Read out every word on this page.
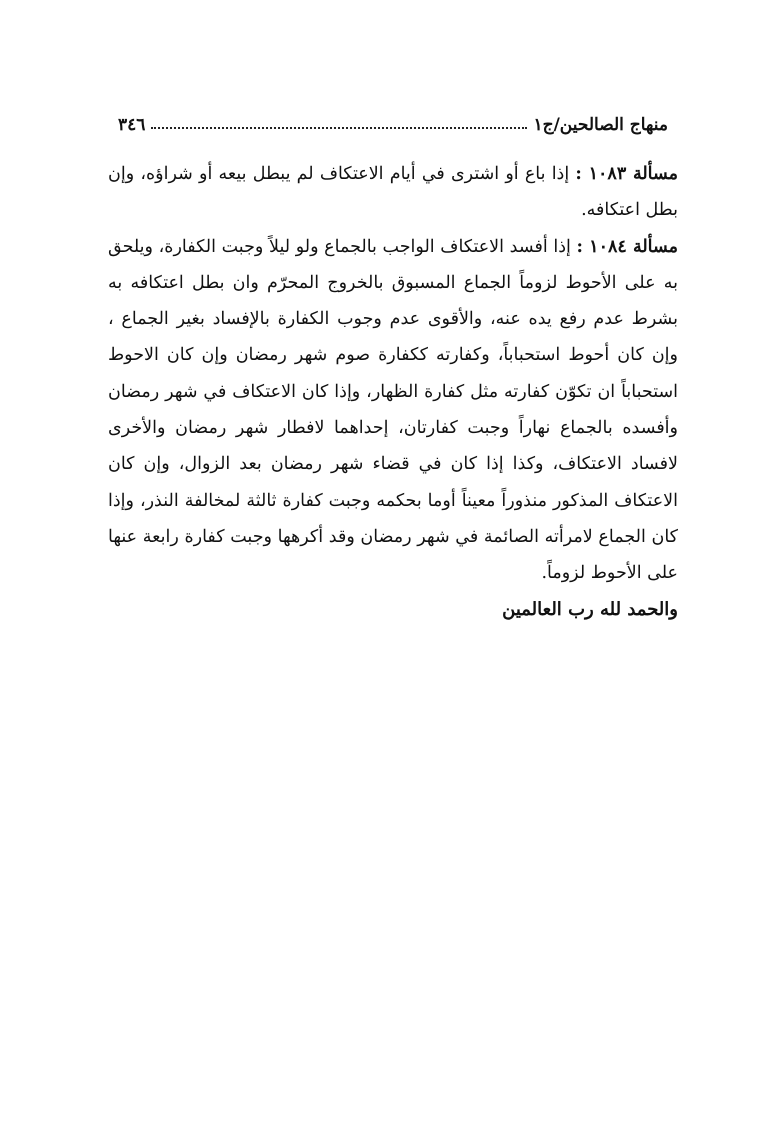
منهاج الصالحين/ج١
٣٤٦

مسألة ١٠٨٣ : إذا باع أو اشترى في أيام الاعتكاف لم يبطل بيعه أو شراؤه، وإن بطل اعتكافه.

مسألة ١٠٨٤ : إذا أفسد الاعتكاف الواجب بالجماع ولو ليلاً وجبت الكفارة، ويلحق به على الأحوط لزوماً الجماع المسبوق بالخروج المحرّم وان بطل اعتكافه به بشرط عدم رفع يده عنه، والأقوى عدم وجوب الكفارة بالإفساد بغير الجماع ، وإن كان أحوط استحباباً، وكفارته ككفارة صوم شهر رمضان وإن كان الاحوط استحباباً ان تكوّن كفارته مثل كفارة الظهار، وإذا كان الاعتكاف في شهر رمضان وأفسده بالجماع نهاراً وجبت كفارتان، إحداهما لافطار شهر رمضان والأخرى لافساد الاعتكاف، وكذا إذا كان في قضاء شهر رمضان بعد الزوال، وإن كان الاعتكاف المذكور منذوراً معيناً أوما بحكمه وجبت كفارة ثالثة لمخالفة النذر، وإذا كان الجماع لامرأته الصائمة في شهر رمضان وقد أكرهها وجبت كفارة رابعة عنها على الأحوط لزوماً.

والحمد لله رب العالمين
